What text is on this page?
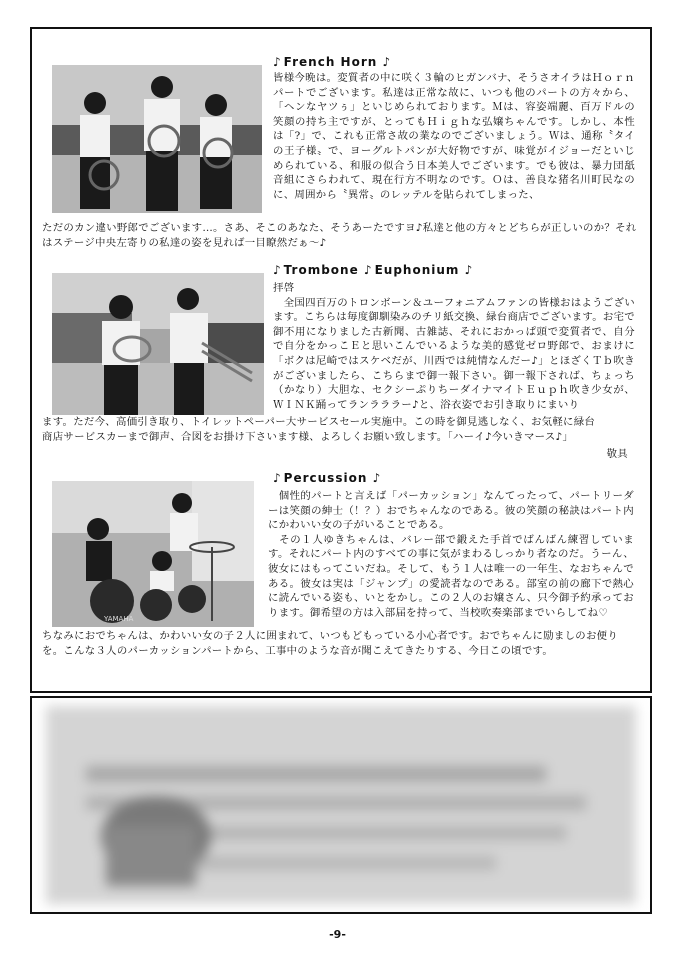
♪ French Horn ♪

皆様今晩は。変質者の中に咲く３輪のヒガンバナ、そうさオイラはＨｏｒｎパートでございます。私達は正常な故に、いつも他のパートの方々から、「ヘンなヤツぅ」といじめられております。Ｍは、容姿端麗、百万ドルの笑顔の持ち主ですが、とってもＨｉｇｈな弘嬢ちゃんです。しかし、本性は「?」で、これも正常さ故の業なのでございましょう。Ｗは、通称〝タイの王子様〟で、ヨーグルトパンが大好物ですが、味覚がイジョーだといじめられている、和服の似合う日本美人でございます。でも彼は、暴力団舐音組にさらわれて、現在行方不明なのです。Ｏは、善良な猪名川町民なのに、周囲から〝異常〟のレッテルを貼られてしまった、

ただのカン違い野郎でございます…。さあ、そこのあなた、そうあーたですヨ♪私達と他の方々とどちらが正しいのか？それはステージ中央左寄りの私達の姿を見れば一目瞭然だぁ〜♪

♪ Trombone ♪ Euphonium ♪

拝啓
　全国四百万のトロンボーン＆ユーフォニアムファンの皆様おはようございます。こちらは毎度御馴染みのチリ紙交換、緑台商店でございます。お宅で御不用になりました古新聞、古雑誌、それにおかっぱ頭で変質者で、自分で自分をかっこＥと思いこんでいるような美的感覚ゼロ野郎で、おまけに「ボクは尼崎ではスケベだが、川西では純情なんだー♪」とほざくＴｂ吹きがございましたら、こちらまで御一報下さい。御一報下されば、ちょっち（かなり）大胆な、セクシーぷりちーダイナマイトＥｕｐｈ吹き少女が、ＷＩＮＫ踊ってランラララー♪と、浴衣姿でお引き取りにまいり

ます。ただ今、高価引き取り、トイレットペーパー大サービスセール実施中。この時を御見逃しなく、お気軽に緑台商店サービスカーまで御声、合図をお掛け下さいます様、よろしくお願い致します。「ハーイ♪今いきマース♪」

敬具
YAMAHA
♪ Percussion ♪

　個性的パートと言えば「パーカッション」なんてったって、パートリーダーは笑顔の紳士（！？）おでちゃんなのである。彼の笑顔の秘訣はパート内にかわいい女の子がいることである。
　その１人ゆきちゃんは、バレー部で鍛えた手首でばんばん練習しています。それにパート内のすべての事に気がまわるしっかり者なのだ。うーん、彼女にはもってこいだね。そして、もう１人は唯一の一年生、なおちゃんである。彼女は実は「ジャンプ」の愛読者なのである。部室の前の廊下で熱心に読んでいる姿も、いとをかし。この２人のお嬢さん、只今御予約承っております。御希望の方は入部届を持って、当校吹奏楽部までいらしてね♡

ちなみにおでちゃんは、かわいい女の子２人に囲まれて、いつもどもっている小心者です。おでちゃんに励ましのお便りを。こんな３人のパーカッションパートから、工事中のような音が聞こえてきたりする、今日この頃です。

-9-
